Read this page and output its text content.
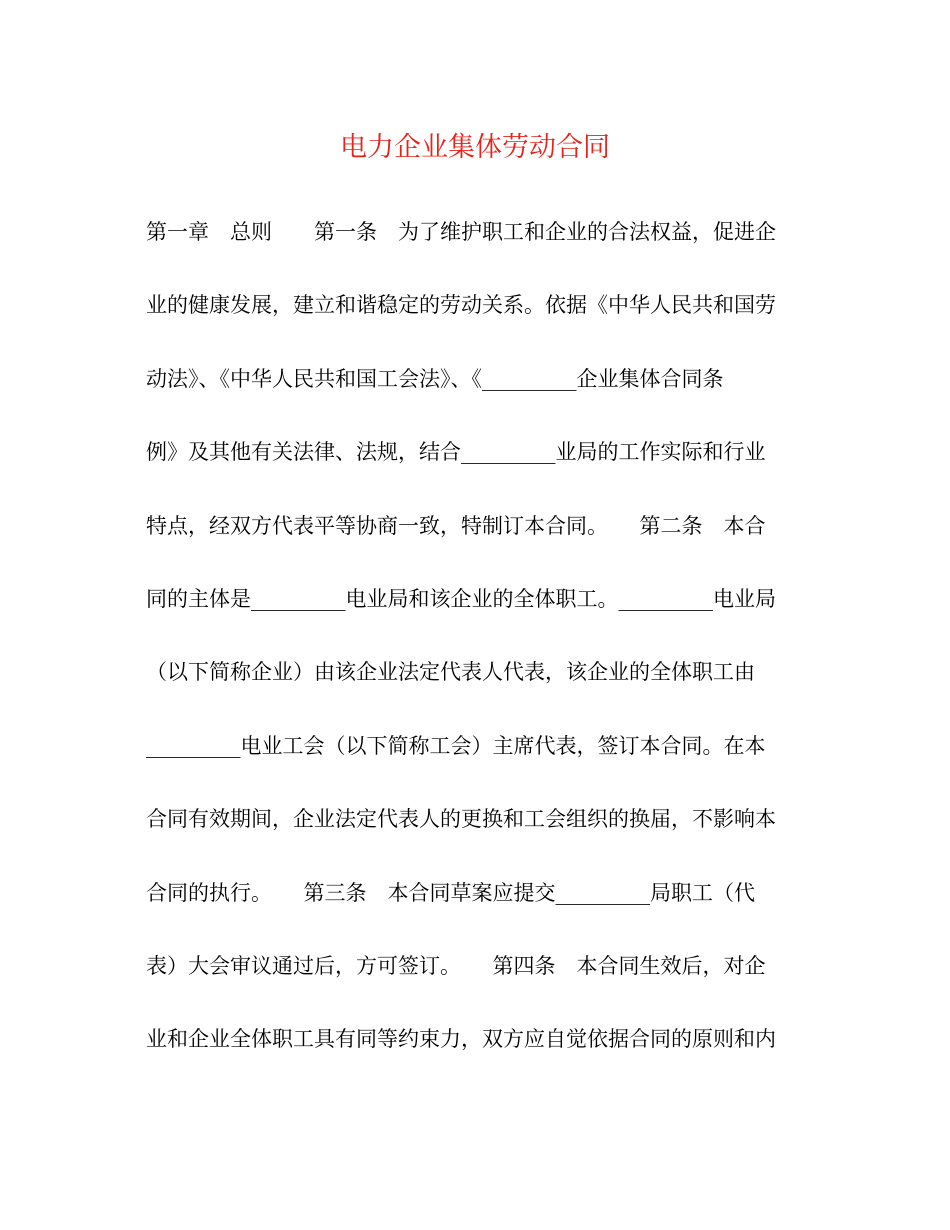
电力企业集体劳动合同
第一章　总则　　第一条　为了维护职工和企业的合法权益，促进企
业的健康发展，建立和谐稳定的劳动关系。依据《中华人民共和国劳
动法》、《中华人民共和国工会法》、《_________企业集体合同条
例》及其他有关法律、法规，结合_________业局的工作实际和行业
特点，经双方代表平等协商一致，特制订本合同。　　第二条　本合
同的主体是_________电业局和该企业的全体职工。_________电业局
（以下简称企业）由该企业法定代表人代表，该企业的全体职工由
_________电业工会（以下简称工会）主席代表，签订本合同。在本
合同有效期间，企业法定代表人的更换和工会组织的换届，不影响本
合同的执行。　　第三条　本合同草案应提交_________局职工（代
表）大会审议通过后，方可签订。　　第四条　本合同生效后，对企
业和企业全体职工具有同等约束力，双方应自觉依据合同的原则和内
